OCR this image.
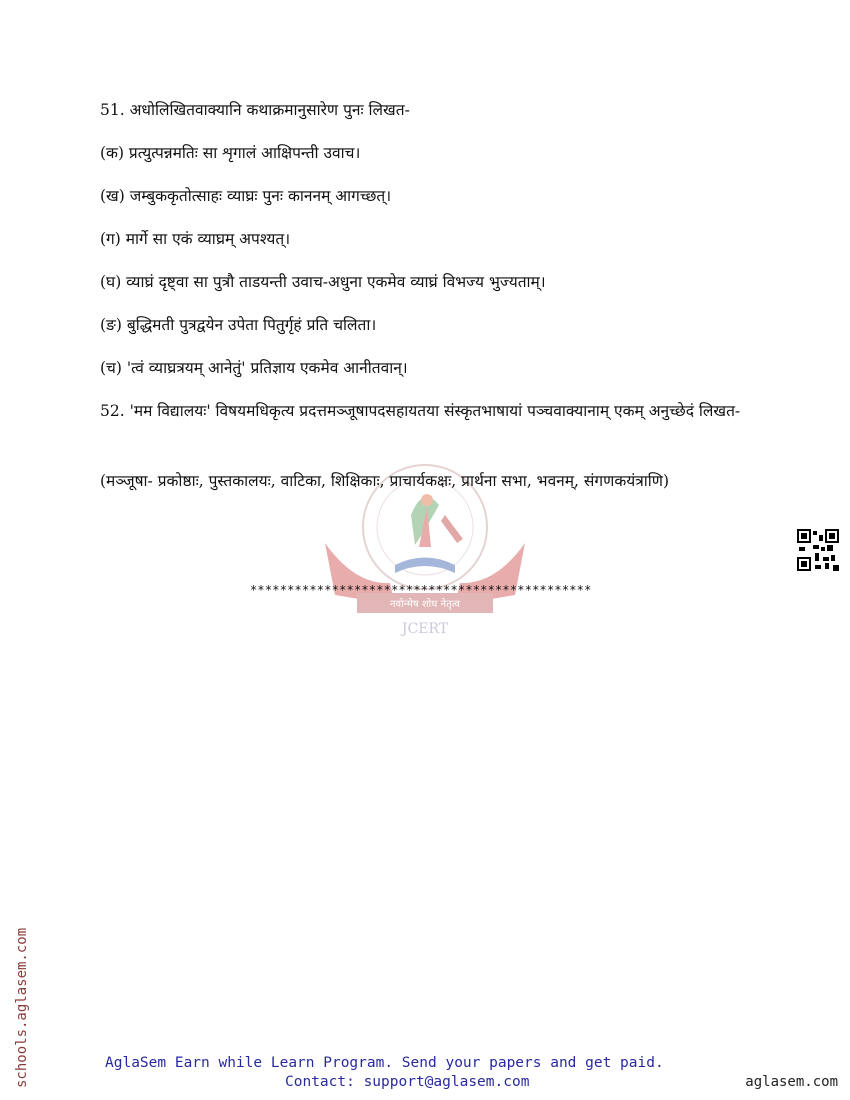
नवोन्मेष शोध नेतृत्व
JCERT
51. अधोलिखितवाक्यानि कथाक्रमानुसारेण पुनः लिखत-
(क) प्रत्युत्पन्नमतिः सा शृगालं आक्षिपन्ती उवाच।
(ख) जम्बुककृतोत्साहः व्याघ्रः पुनः काननम् आगच्छत्।
(ग) मार्गे सा एकं व्याघ्रम् अपश्यत्।
(घ) व्याघ्रं दृष्ट्वा सा पुत्रौ ताडयन्ती उवाच-अधुना एकमेव व्याघ्रं विभज्य भुज्यताम्।
(ङ) बुद्धिमती पुत्रद्वयेन उपेता पितुर्गृहं प्रति चलिता।
(च) 'त्वं व्याघ्रत्रयम् आनेतुं' प्रतिज्ञाय एकमेव आनीतवान्।
52. 'मम विद्यालयः' विषयमधिकृत्य प्रदत्तमञ्जूषापदसहायतया संस्कृतभाषायां पञ्चवाक्यानाम् एकम् अनुच्छेदं लिखत-
(मञ्जूषा- प्रकोष्ठाः, पुस्तकालयः, वाटिका, शिक्षिकाः, प्राचार्यकक्षः, प्रार्थना सभा, भवनम्, संगणकयंत्राणि)
**********************************************
schools.aglasem.com	AglaSem Earn while Learn Program. Send your papers and get paid.
Contact: support@aglasem.com	aglasem.com
